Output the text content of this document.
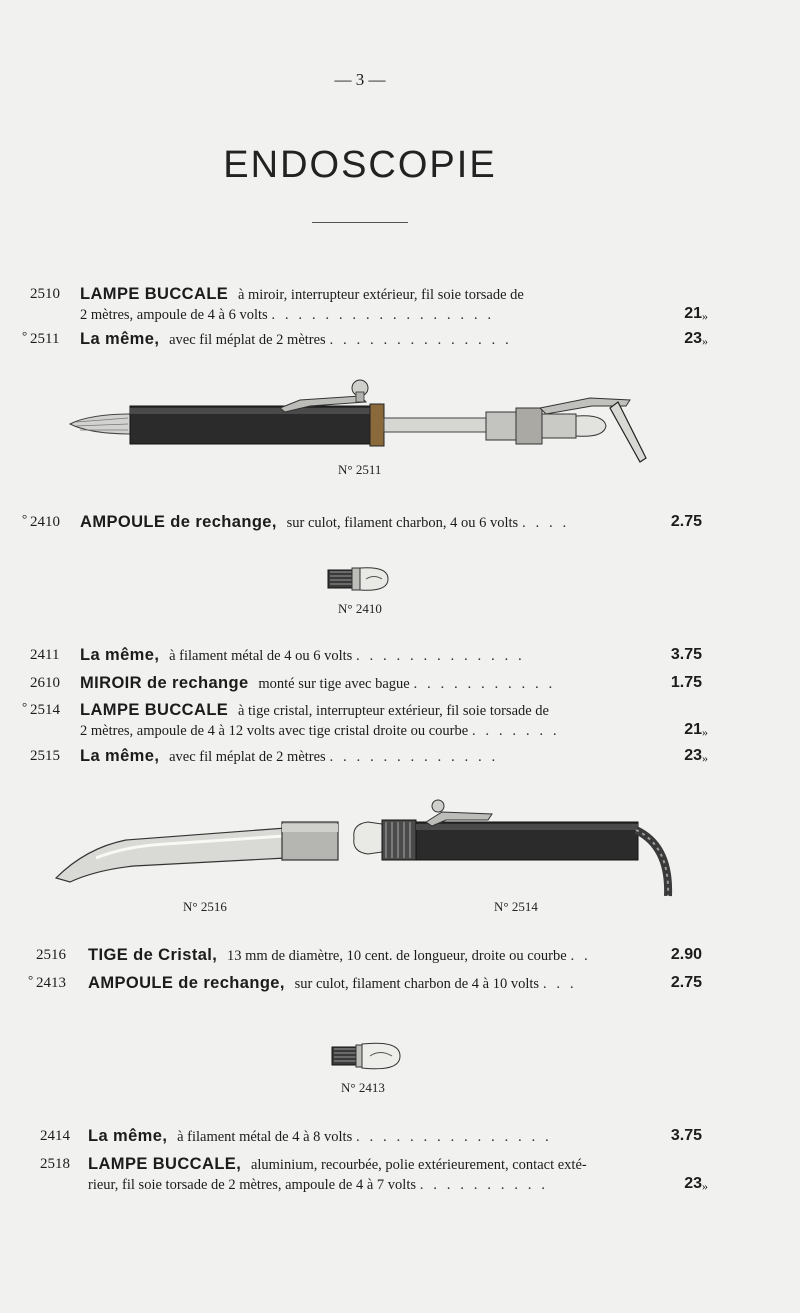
— 3 —
ENDOSCOPIE
2510	LAMPE BUCCALE à miroir, interrupteur extérieur, fil soie torsade de
2 mètres, ampoule de 4 à 6 volts . . . . . . . . . . . . . . . . .	21 »
° 2511	La même, avec fil méplat de 2 mètres . . . . . . . . . . . . . .	23 »
N° 2511
° 2410	AMPOULE de rechange, sur culot, filament charbon, 4 ou 6 volts . . . .	2.75
N° 2410
2411	La même, à filament métal de 4 ou 6 volts . . . . . . . . . . . . .	3.75
2610	MIROIR de rechange monté sur tige avec bague . . . . . . . . . . .	1.75
° 2514	LAMPE BUCCALE à tige cristal, interrupteur extérieur, fil soie torsade de
2 mètres, ampoule de 4 à 12 volts avec tige cristal droite ou courbe . . . . . . .	21 »
2515	La même, avec fil méplat de 2 mètres . . . . . . . . . . . . .	23 »
N° 2516	N° 2514
2516	TIGE de Cristal, 13 mm de diamètre, 10 cent. de longueur, droite ou courbe . .	2.90
° 2413	AMPOULE de rechange, sur culot, filament charbon de 4 à 10 volts . . .	2.75
N° 2413
2414	La même, à filament métal de 4 à 8 volts . . . . . . . . . . . . . . .	3.75
2518	LAMPE BUCCALE, aluminium, recourbée, polie extérieurement, contact exté-
rieur, fil soie torsade de 2 mètres, ampoule de 4 à 7 volts . . . . . . . . . .	23 »
